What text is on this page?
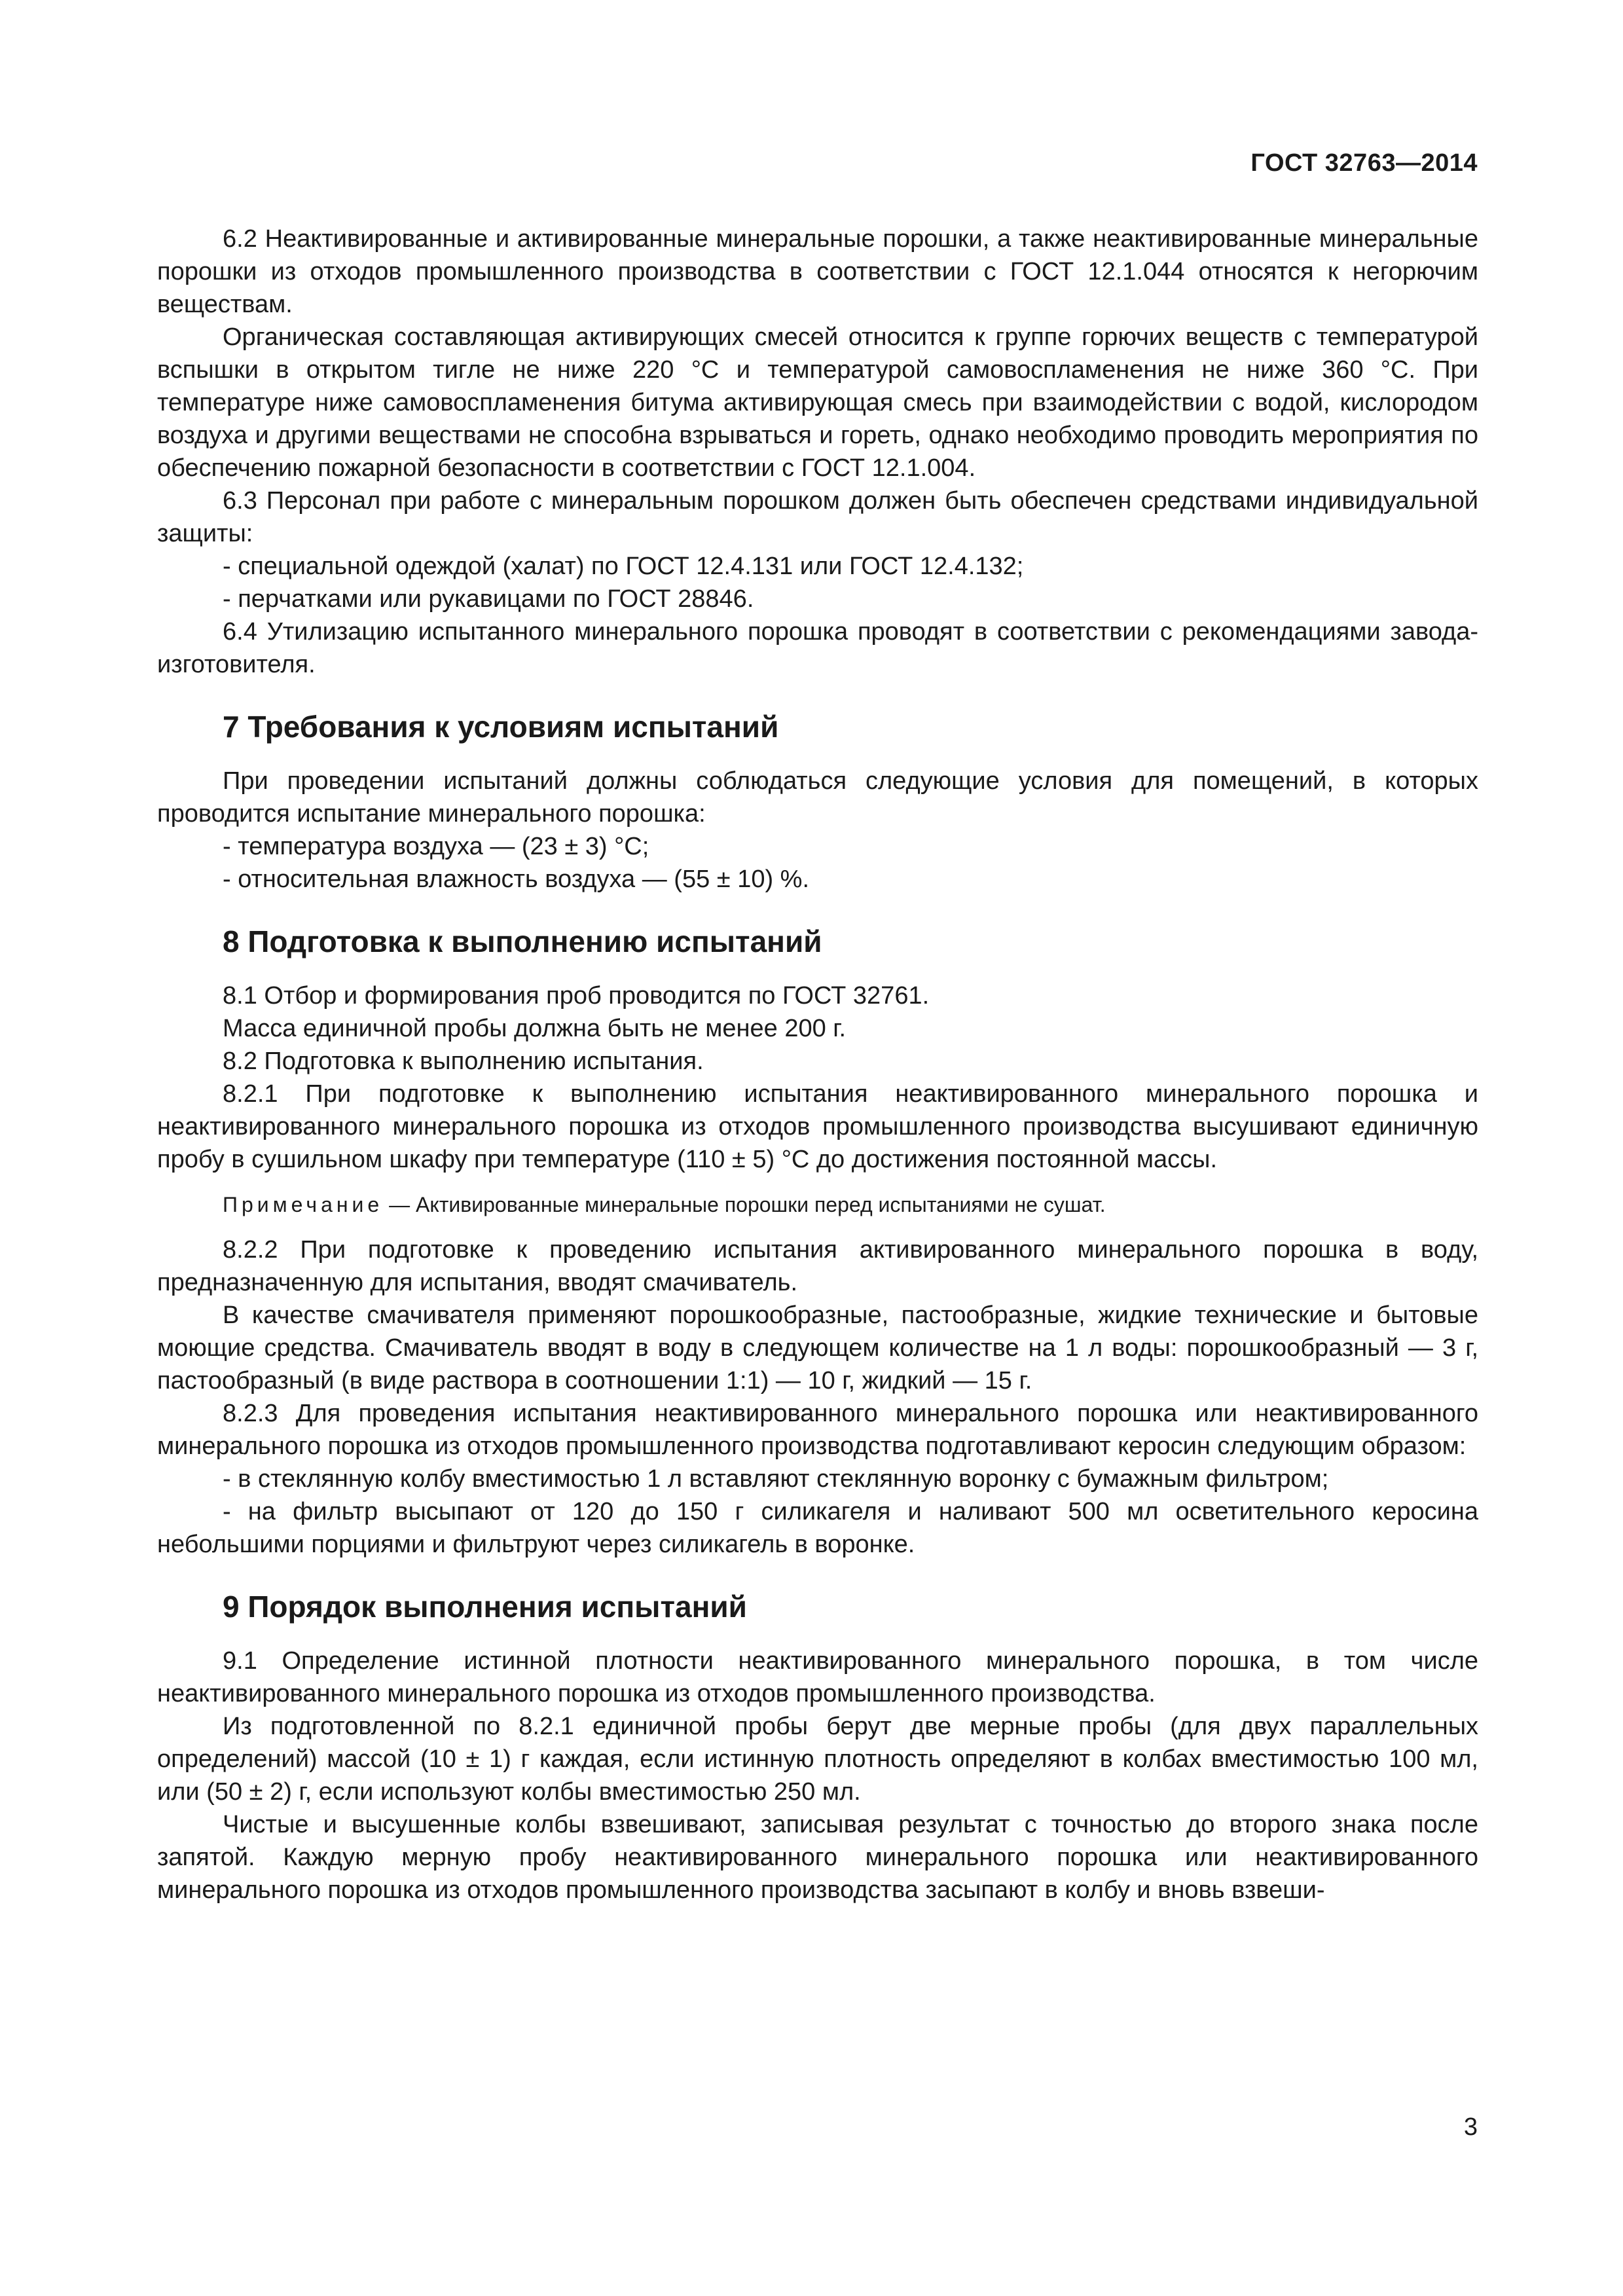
ГОСТ 32763—2014

6.2 Неактивированные и активированные минеральные порошки, а также неактивированные минеральные порошки из отходов промышленного производства в соответствии с ГОСТ 12.1.044 относятся к негорючим веществам.

Органическая составляющая активирующих смесей относится к группе горючих веществ с температурой вспышки в открытом тигле не ниже 220 °С и температурой самовоспламенения не ниже 360 °С. При температуре ниже самовоспламенения битума активирующая смесь при взаимодействии с водой, кислородом воздуха и другими веществами не способна взрываться и гореть, однако необходимо проводить мероприятия по обеспечению пожарной безопасности в соответствии с ГОСТ 12.1.004.

6.3 Персонал при работе с минеральным порошком должен быть обеспечен средствами индивидуальной защиты:

- специальной одеждой (халат) по ГОСТ 12.4.131 или ГОСТ 12.4.132;

- перчатками или рукавицами по ГОСТ 28846.

6.4 Утилизацию испытанного минерального порошка проводят в соответствии с рекомендациями завода-изготовителя.

7 Требования к условиям испытаний

При проведении испытаний должны соблюдаться следующие условия для помещений, в которых проводится испытание минерального порошка:

- температура воздуха — (23 ± 3) °С;

- относительная влажность воздуха — (55 ± 10) %.

8 Подготовка к выполнению испытаний

8.1 Отбор и формирования проб проводится по ГОСТ 32761.

Масса единичной пробы должна быть не менее 200 г.

8.2 Подготовка к выполнению испытания.

8.2.1 При подготовке к выполнению испытания неактивированного минерального порошка и неактивированного минерального порошка из отходов промышленного производства высушивают единичную пробу в сушильном шкафу при температуре (110 ± 5) °С до достижения постоянной массы.

Примечание — Активированные минеральные порошки перед испытаниями не сушат.

8.2.2 При подготовке к проведению испытания активированного минерального порошка в воду, предназначенную для испытания, вводят смачиватель.

В качестве смачивателя применяют порошкообразные, пастообразные, жидкие технические и бытовые моющие средства. Смачиватель вводят в воду в следующем количестве на 1 л воды: порошкообразный — 3 г, пастообразный (в виде раствора в соотношении 1:1) — 10 г, жидкий — 15 г.

8.2.3 Для проведения испытания неактивированного минерального порошка или неактивированного минерального порошка из отходов промышленного производства подготавливают керосин следующим образом:

- в стеклянную колбу вместимостью 1 л вставляют стеклянную воронку с бумажным фильтром;

- на фильтр высыпают от 120 до 150 г силикагеля и наливают 500 мл осветительного керосина небольшими порциями и фильтруют через силикагель в воронке.

9 Порядок выполнения испытаний

9.1 Определение истинной плотности неактивированного минерального порошка, в том числе неактивированного минерального порошка из отходов промышленного производства.

Из подготовленной по 8.2.1 единичной пробы берут две мерные пробы (для двух параллельных определений) массой (10 ± 1) г каждая, если истинную плотность определяют в колбах вместимостью 100 мл, или (50 ± 2) г, если используют колбы вместимостью 250 мл.

Чистые и высушенные колбы взвешивают, записывая результат с точностью до второго знака после запятой. Каждую мерную пробу неактивированного минерального порошка или неактивированного минерального порошка из отходов промышленного производства засыпают в колбу и вновь взвеши-

3
